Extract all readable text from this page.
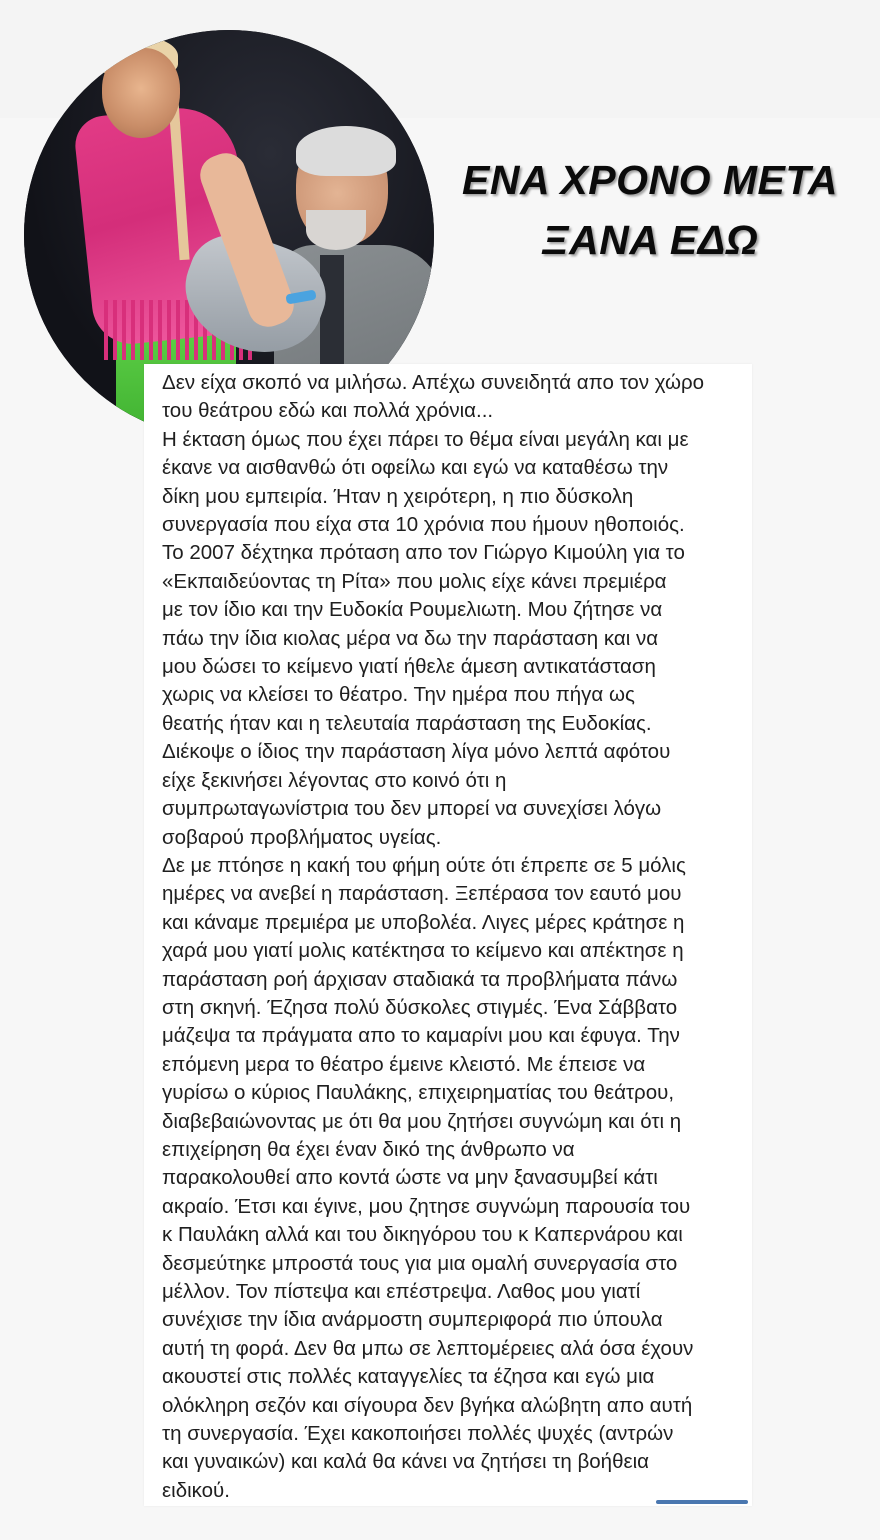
ΕΝΑ ΧΡΟΝΟ ΜΕΤΑ
ΞΑΝΑ ΕΔΩ
Δεν είχα σκοπό να μιλήσω. Απέχω συνειδητά απο τον χώρο
του θεάτρου εδώ και πολλά χρόνια...
Η έκταση όμως που έχει πάρει το θέμα είναι μεγάλη και με
έκανε να αισθανθώ ότι οφείλω και εγώ να καταθέσω την
δίκη μου εμπειρία. Ήταν η χειρότερη, η πιο δύσκολη
συνεργασία που είχα στα 10 χρόνια που ήμουν ηθοποιός.
Το 2007 δέχτηκα πρόταση απο τον Γιώργο Κιμούλη για το
«Εκπαιδεύοντας τη Ρίτα» που μολις είχε κάνει πρεμιέρα
με τον ίδιο και την Ευδοκία Ρουμελιωτη. Μου ζήτησε να
πάω την ίδια κιολας μέρα να δω την παράσταση και να
μου δώσει το κείμενο γιατί ήθελε άμεση αντικατάσταση
χωρις να κλείσει το θέατρο. Την ημέρα που πήγα ως
θεατής ήταν και η τελευταία παράσταση της Ευδοκίας.
Διέκοψε ο ίδιος την παράσταση λίγα μόνο λεπτά αφότου
είχε ξεκινήσει λέγοντας στο κοινό ότι η
συμπρωταγωνίστρια του δεν μπορεί να συνεχίσει λόγω
σοβαρού προβλήματος υγείας.
Δε με πτόησε η κακή του φήμη ούτε ότι έπρεπε σε 5 μόλις
ημέρες να ανεβεί η παράσταση. Ξεπέρασα τον εαυτό μου
και κάναμε πρεμιέρα με υποβολέα. Λιγες μέρες κράτησε η
χαρά μου γιατί μολις κατέκτησα το κείμενο και απέκτησε η
παράσταση ροή άρχισαν σταδιακά τα προβλήματα πάνω
στη σκηνή. Έζησα πολύ δύσκολες στιγμές. Ένα Σάββατο
μάζεψα τα πράγματα απο το καμαρίνι μου και έφυγα. Την
επόμενη μερα το θέατρο έμεινε κλειστό. Με έπεισε να
γυρίσω ο κύριος Παυλάκης, επιχειρηματίας του θεάτρου,
διαβεβαιώνοντας με ότι θα μου ζητήσει συγνώμη και ότι η
επιχείρηση θα έχει έναν δικό της άνθρωπο να
παρακολουθεί απο κοντά ώστε να μην ξανασυμβεί κάτι
ακραίο. Έτσι και έγινε, μου ζητησε συγνώμη παρουσία του
κ Παυλάκη αλλά και του δικηγόρου του κ Καπερνάρου και
δεσμεύτηκε μπροστά τους για μια ομαλή συνεργασία στο
μέλλον. Τον πίστεψα και επέστρεψα. Λαθος μου γιατί
συνέχισε την ίδια ανάρμοστη συμπεριφορά πιο ύπουλα
αυτή τη φορά. Δεν θα μπω σε λεπτομέρειες αλά όσα έχουν
ακουστεί στις πολλές καταγγελίες τα έζησα και εγώ μια
ολόκληρη σεζόν και σίγουρα δεν βγήκα αλώβητη απο αυτή
τη συνεργασία. Έχει κακοποιήσει πολλές ψυχές (αντρών
και γυναικών) και καλά θα κάνει να ζητήσει τη βοήθεια
ειδικού.
